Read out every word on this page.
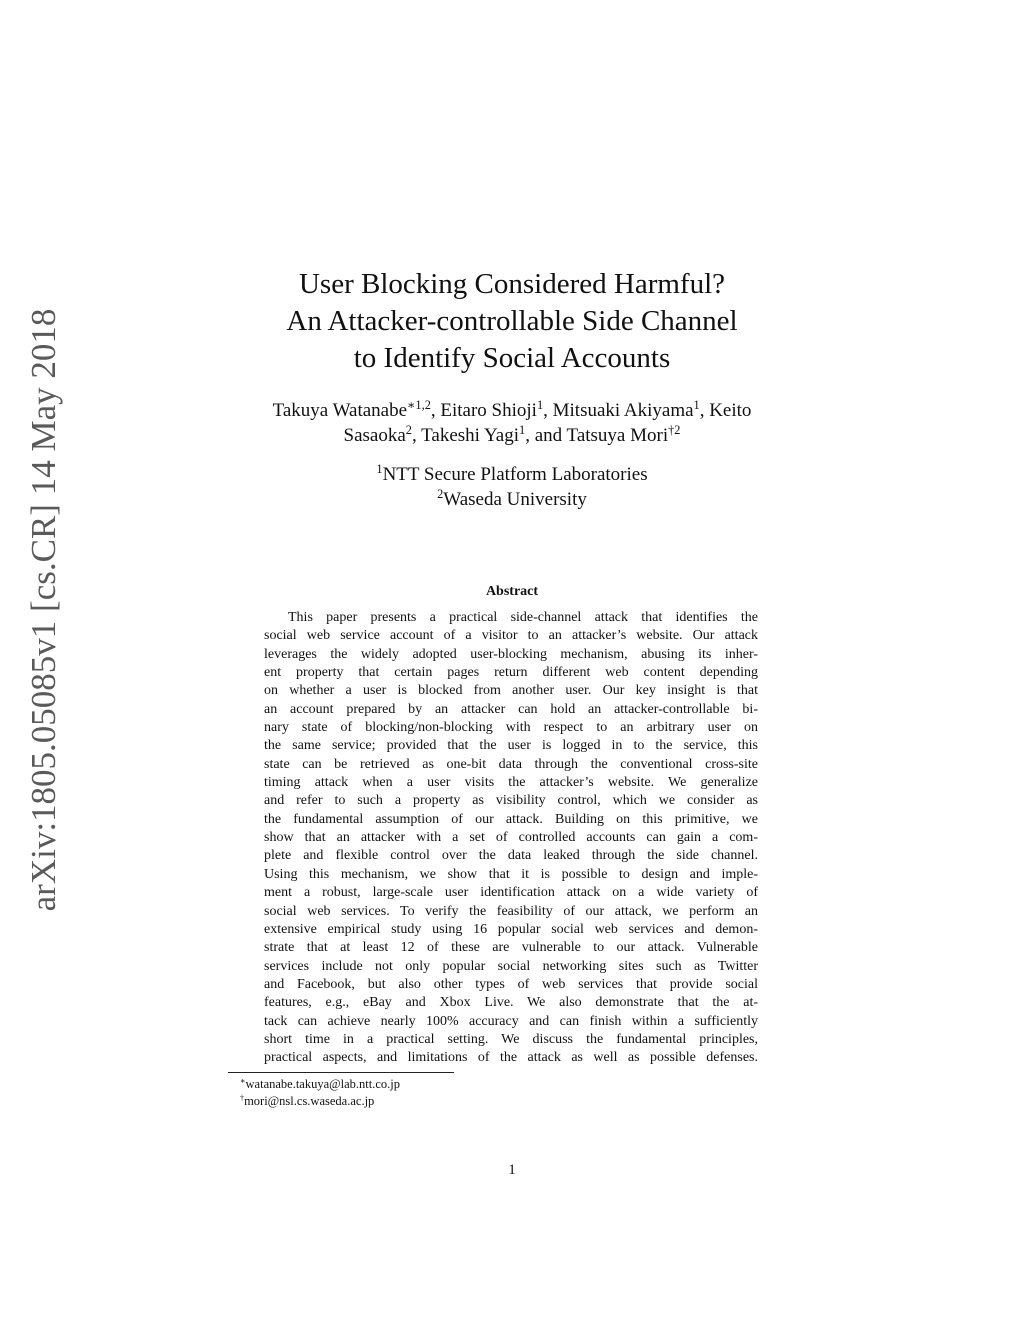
arXiv:1805.05085v1 [cs.CR] 14 May 2018
User Blocking Considered Harmful?
An Attacker-controllable Side Channel
to Identify Social Accounts
Takuya Watanabe$^{∗1,2}$, Eitaro Shioji$^1$, Mitsuaki Akiyama$^1$, Keito
Sasaoka$^2$, Takeshi Yagi$^1$, and Tatsuya Mori$^{\dagger 2}$
$^1$NTT Secure Platform Laboratories
$^2$Waseda University
Abstract
This paper presents a practical side-channel attack that identifies the
social web service account of a visitor to an attacker’s website. Our attack
leverages the widely adopted user-blocking mechanism, abusing its inher-
ent property that certain pages return different web content depending
on whether a user is blocked from another user. Our key insight is that
an account prepared by an attacker can hold an attacker-controllable bi-
nary state of blocking/non-blocking with respect to an arbitrary user on
the same service; provided that the user is logged in to the service, this
state can be retrieved as one-bit data through the conventional cross-site
timing attack when a user visits the attacker’s website. We generalize
and refer to such a property as visibility control, which we consider as
the fundamental assumption of our attack. Building on this primitive, we
show that an attacker with a set of controlled accounts can gain a com-
plete and flexible control over the data leaked through the side channel.
Using this mechanism, we show that it is possible to design and imple-
ment a robust, large-scale user identification attack on a wide variety of
social web services. To verify the feasibility of our attack, we perform an
extensive empirical study using 16 popular social web services and demon-
strate that at least 12 of these are vulnerable to our attack. Vulnerable
services include not only popular social networking sites such as Twitter
and Facebook, but also other types of web services that provide social
features, e.g., eBay and Xbox Live. We also demonstrate that the at-
tack can achieve nearly 100% accuracy and can finish within a sufficiently
short time in a practical setting. We discuss the fundamental principles,
practical aspects, and limitations of the attack as well as possible defenses.
∗watanabe.takuya@lab.ntt.co.jp
†mori@nsl.cs.waseda.ac.jp
1
